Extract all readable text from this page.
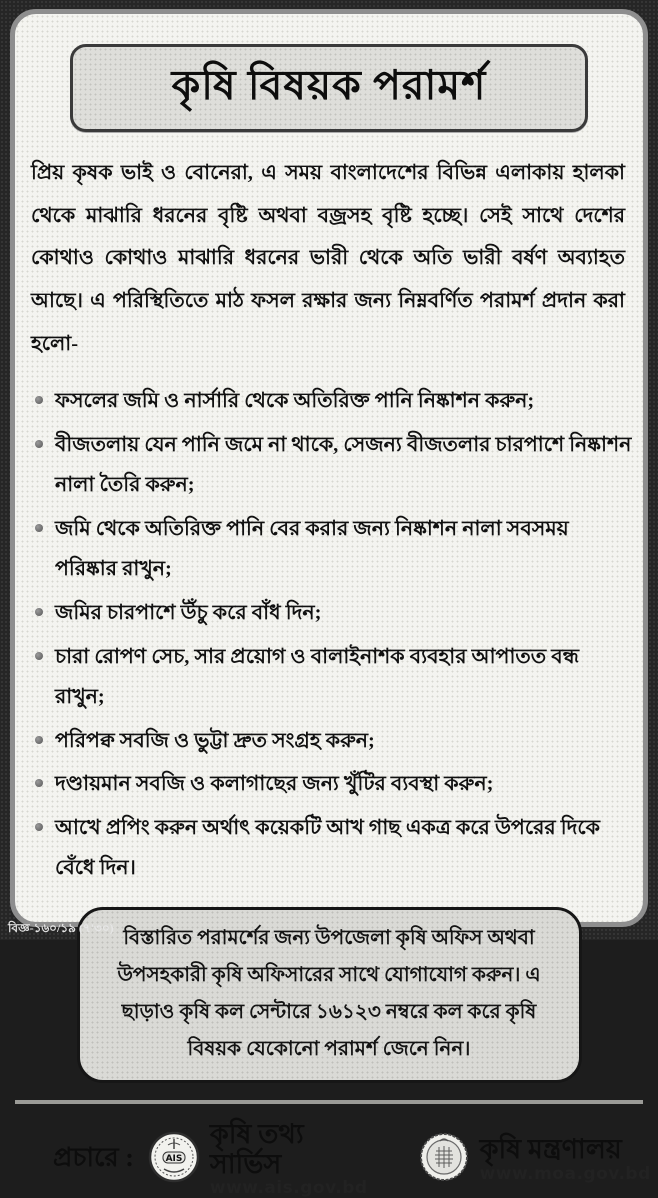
কৃষি বিষয়ক পরামর্শ

প্রিয় কৃষক ভাই ও বোনেরা, এ সময় বাংলাদেশের বিভিন্ন এলাকায় হালকা থেকে মাঝারি ধরনের বৃষ্টি অথবা বজ্রসহ বৃষ্টি হচ্ছে। সেই সাথে দেশের কোথাও কোথাও মাঝারি ধরনের ভারী থেকে অতি ভারী বর্ষণ অব্যাহত আছে। এ পরিস্থিতিতে মাঠ ফসল রক্ষার জন্য নিম্নবর্ণিত পরামর্শ প্রদান করা হলো-

ফসলের জমি ও নার্সারি থেকে অতিরিক্ত পানি নিষ্কাশন করুন;
বীজতলায় যেন পানি জমে না থাকে, সেজন্য বীজতলার চারপাশে নিষ্কাশন নালা তৈরি করুন;
জমি থেকে অতিরিক্ত পানি বের করার জন্য নিষ্কাশন নালা সবসময় পরিষ্কার রাখুন;
জমির চারপাশে উঁচু করে বাঁধ দিন;
চারা রোপণ সেচ, সার প্রয়োগ ও বালাইনাশক ব্যবহার আপাতত বন্ধ রাখুন;
পরিপক্ব সবজি ও ভুট্টা দ্রুত সংগ্রহ করুন;
দণ্ডায়মান সবজি ও কলাগাছের জন্য খুঁটির ব্যবস্থা করুন;
আখে প্রপিং করুন অর্থাৎ কয়েকটি আখ গাছ একত্র করে উপরের দিকে বেঁধে দিন।

বিস্তারিত পরামর্শের জন্য উপজেলা কৃষি অফিস অথবা উপসহকারী কৃষি অফিসারের সাথে যোগাযোগ করুন। এ ছাড়াও কৃষি কল সেন্টারে ১৬১২৩ নম্বরে কল করে কৃষি বিষয়ক যেকোনো পরামর্শ জেনে নিন।

প্রচারে :	AIS
কৃষি তথ্য সার্ভিস
www.ais.gov.bd
কৃষি মন্ত্রণালয়
www.moa.gov.bd
বিজ্ঞ-১৬০/১৯ (৭'৩০)
